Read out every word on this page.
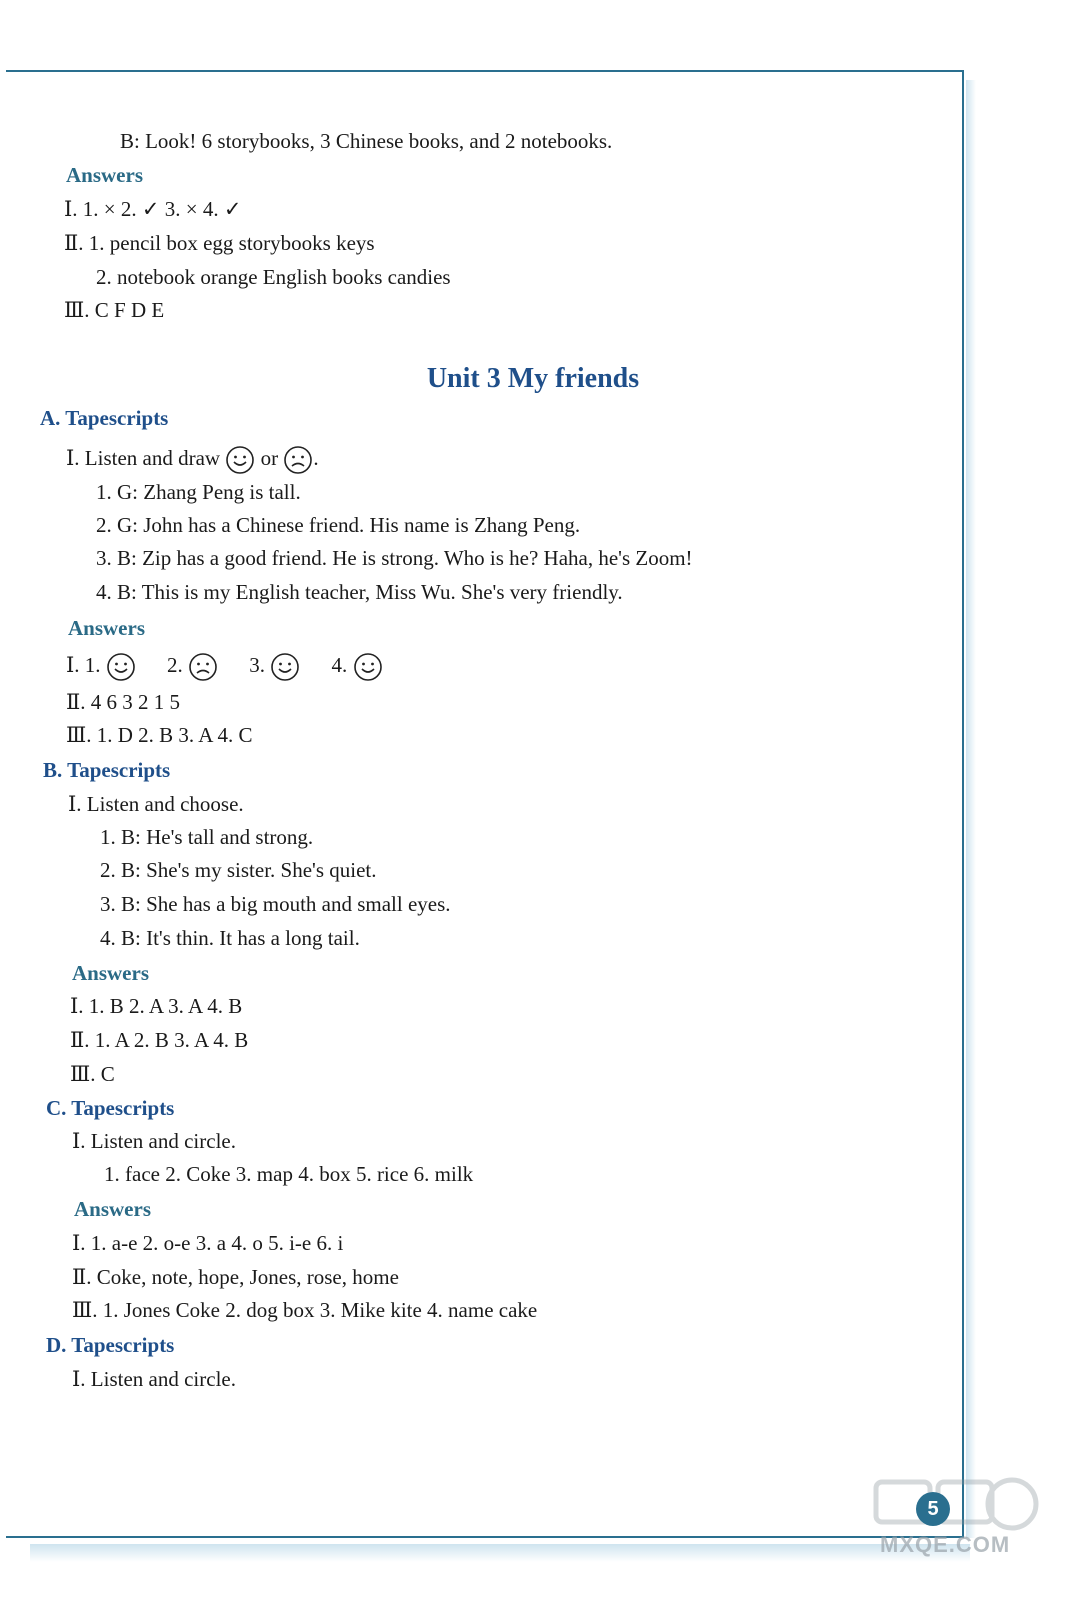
B: Look! 6 storybooks, 3 Chinese books, and 2 notebooks.
Answers
Ⅰ. 1. × 2. ✓ 3. × 4. ✓
Ⅱ. 1. pencil box egg storybooks keys
2. notebook orange English books candies
Ⅲ. C F D E
Unit 3 My friends
A. Tapescripts
Ⅰ. Listen and draw or .
1. G: Zhang Peng is tall.
2. G: John has a Chinese friend. His name is Zhang Peng.
3. B: Zip has a good friend. He is strong. Who is he? Haha, he's Zoom!
4. B: This is my English teacher, Miss Wu. She's very friendly.
Answers
Ⅰ. 1.	2.	3.	4.
Ⅱ. 4 6 3 2 1 5
Ⅲ. 1. D 2. B 3. A 4. C
B. Tapescripts
Ⅰ. Listen and choose.
1. B: He's tall and strong.
2. B: She's my sister. She's quiet.
3. B: She has a big mouth and small eyes.
4. B: It's thin. It has a long tail.
Answers
Ⅰ. 1. B 2. A 3. A 4. B
Ⅱ. 1. A 2. B 3. A 4. B
Ⅲ. C
C. Tapescripts
Ⅰ. Listen and circle.
1. face 2. Coke 3. map 4. box 5. rice 6. milk
Answers
Ⅰ. 1. a-e 2. o-e 3. a 4. o 5. i-e 6. i
Ⅱ. Coke, note, hope, Jones, rose, home
Ⅲ. 1. Jones Coke 2. dog box 3. Mike kite 4. name cake
D. Tapescripts
Ⅰ. Listen and circle.
5
MXQE.COM
